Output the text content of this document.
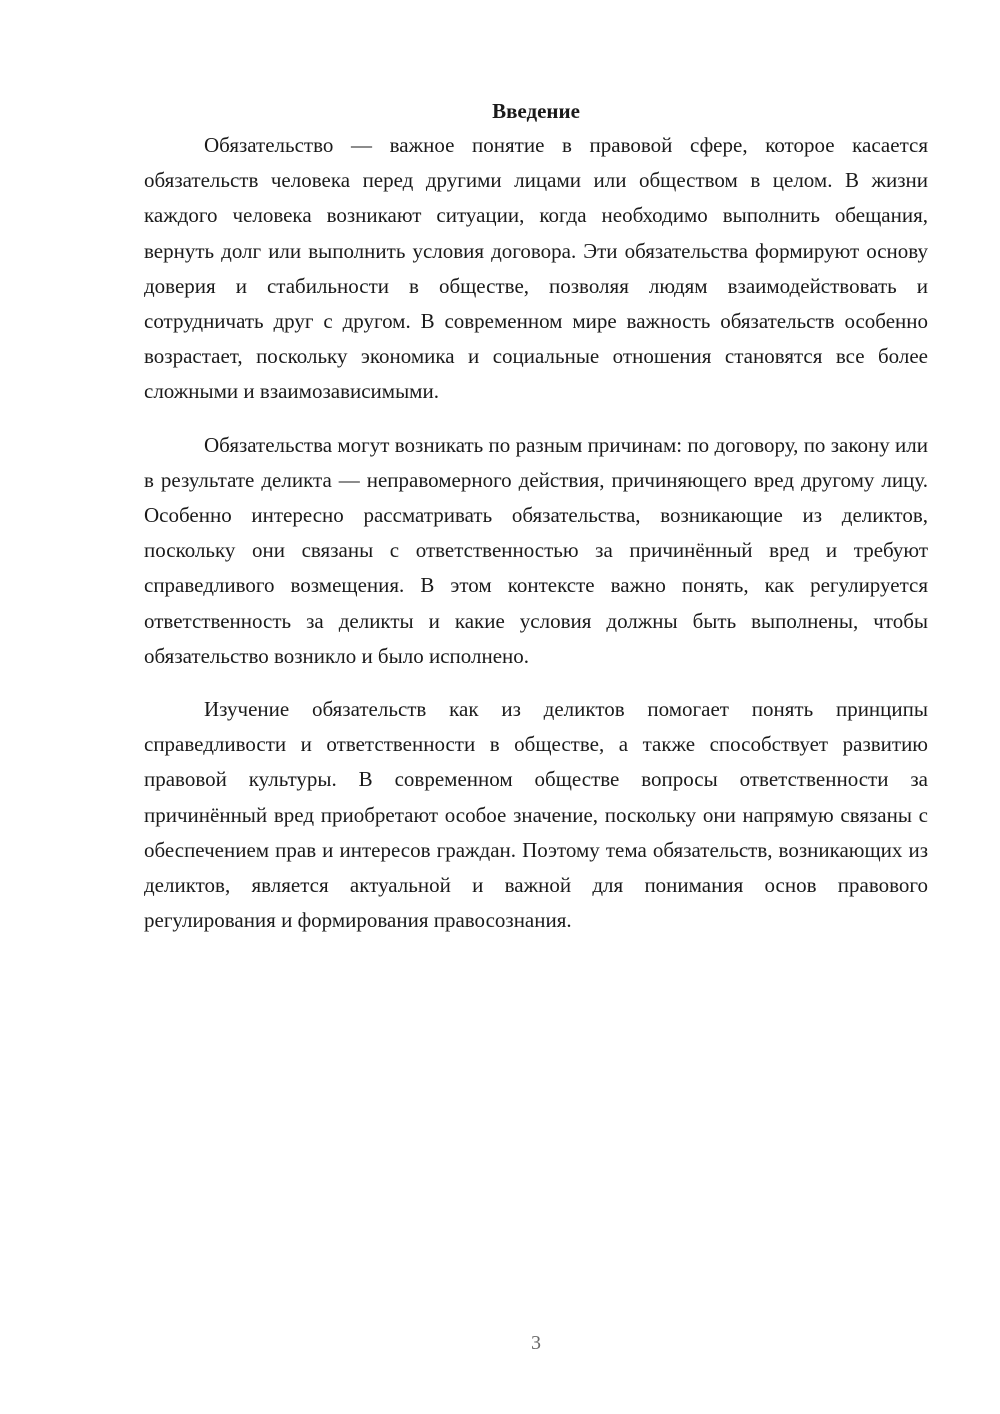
Введение

Обязательство — важное понятие в правовой сфере, которое касается обязательств человека перед другими лицами или обществом в целом. В жизни каждого человека возникают ситуации, когда необходимо выполнить обещания, вернуть долг или выполнить условия договора. Эти обязательства формируют основу доверия и стабильности в обществе, позволяя людям взаимодействовать и сотрудничать друг с другом. В современном мире важность обязательств особенно возрастает, поскольку экономика и социальные отношения становятся все более сложными и взаимозависимыми.

Обязательства могут возникать по разным причинам: по договору, по закону или в результате деликта — неправомерного действия, причиняющего вред другому лицу. Особенно интересно рассматривать обязательства, возникающие из деликтов, поскольку они связаны с ответственностью за причинённый вред и требуют справедливого возмещения. В этом контексте важно понять, как регулируется ответственность за деликты и какие условия должны быть выполнены, чтобы обязательство возникло и было исполнено.

Изучение обязательств как из деликтов помогает понять принципы справедливости и ответственности в обществе, а также способствует развитию правовой культуры. В современном обществе вопросы ответственности за причинённый вред приобретают особое значение, поскольку они напрямую связаны с обеспечением прав и интересов граждан. Поэтому тема обязательств, возникающих из деликтов, является актуальной и важной для понимания основ правового регулирования и формирования правосознания.

3
